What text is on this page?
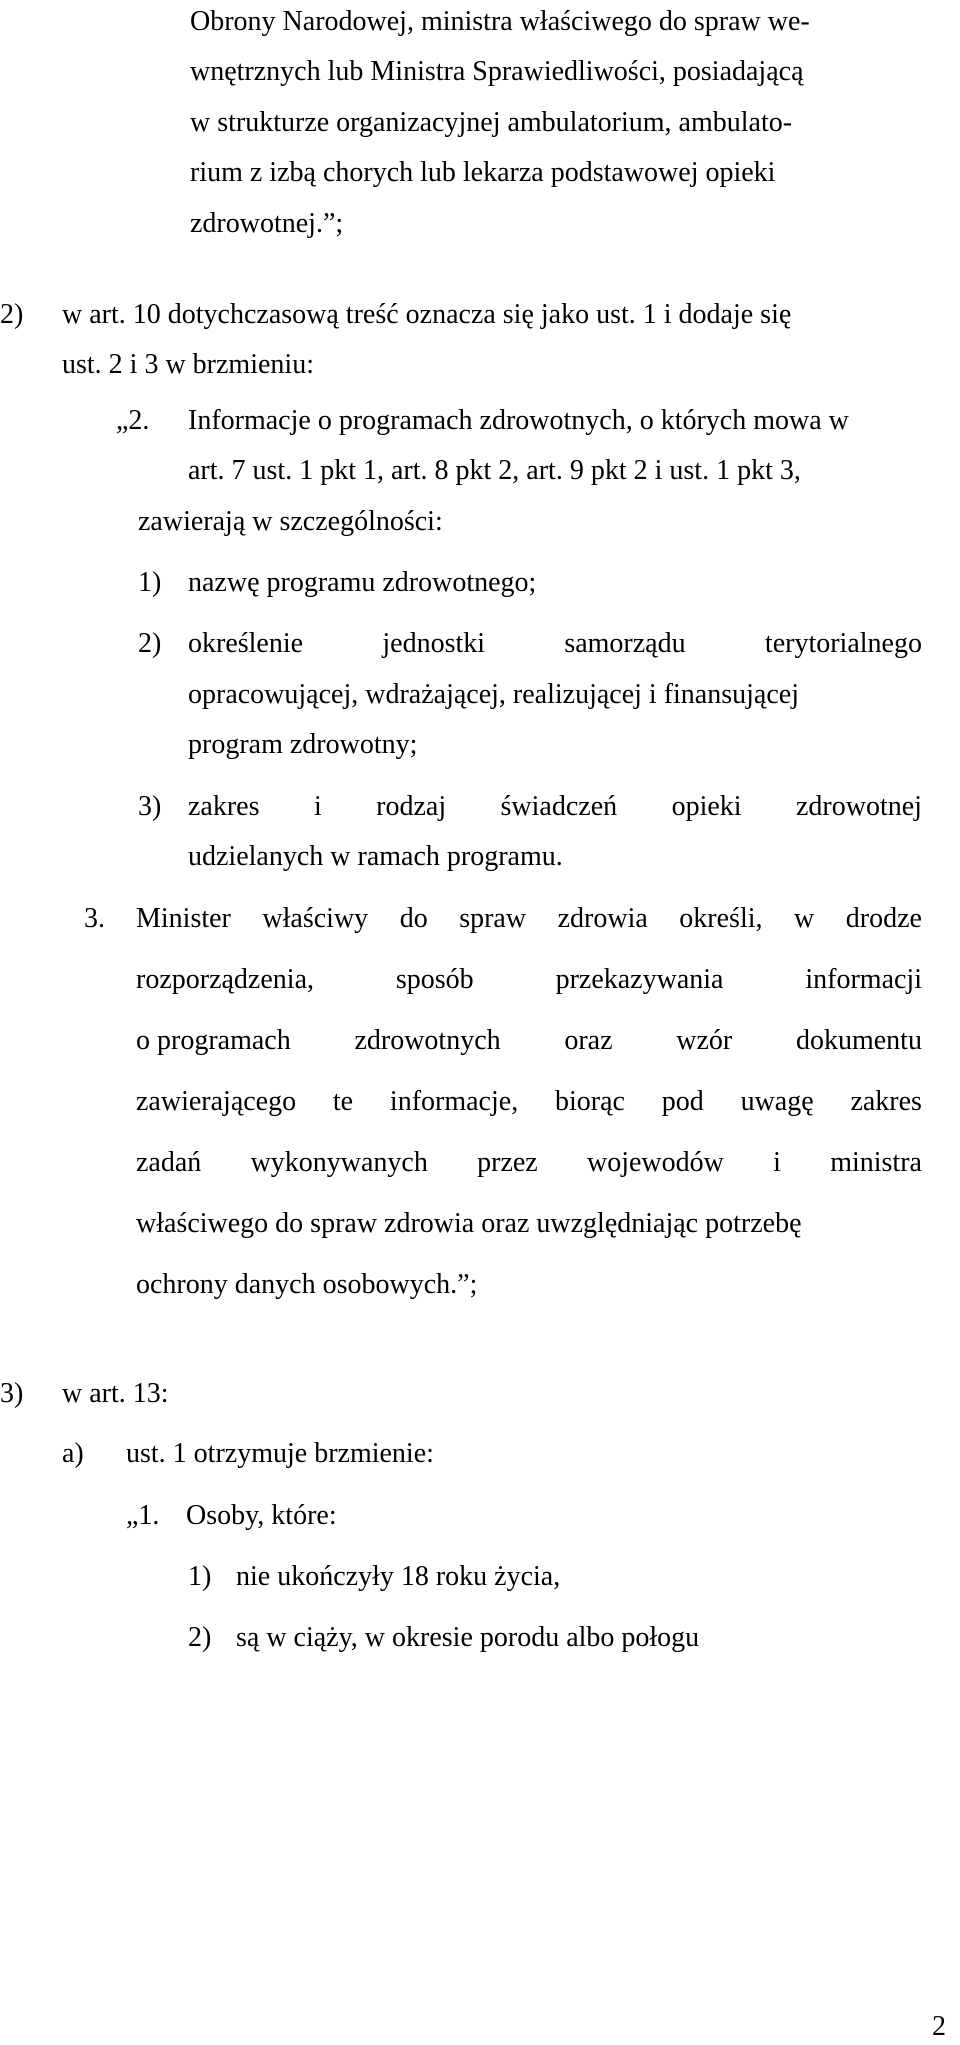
Obrony Narodowej, ministra właściwego do spraw we-
wnętrznych lub Ministra Sprawiedliwości, posiadającą
w strukturze organizacyjnej ambulatorium, ambulato-
rium z izbą chorych lub lekarza podstawowej opieki
zdrowotnej.”;
2) w art. 10 dotychczasową treść oznacza się jako ust. 1 i dodaje się
ust. 2 i 3 w brzmieniu:
„2. Informacje o programach zdrowotnych, o których mowa w
art. 7 ust. 1 pkt 1, art. 8 pkt 2, art. 9 pkt 2 i ust. 1 pkt 3,
zawierają w szczególności:
1) nazwę programu zdrowotnego;
2) określenie	jednostki	samorządu	terytorialnego
opracowującej, wdrażającej, realizującej i finansującej
program zdrowotny;
3) zakres i rodzaj świadczeń opieki zdrowotnej
udzielanych w ramach programu.
3. Minister właściwy do spraw zdrowia określi, w drodze
rozporządzenia,	sposób	przekazywania	informacji
o programach zdrowotnych oraz wzór dokumentu
zawierającego te informacje, biorąc pod uwagę zakres
zadań wykonywanych przez wojewodów i ministra
właściwego do spraw zdrowia oraz uwzględniając potrzebę
ochrony danych osobowych.”;
3) w art. 13:
a) ust. 1 otrzymuje brzmienie:
„1. Osoby, które:
1) nie ukończyły 18 roku życia,
2) są w ciąży, w okresie porodu albo połogu
2
